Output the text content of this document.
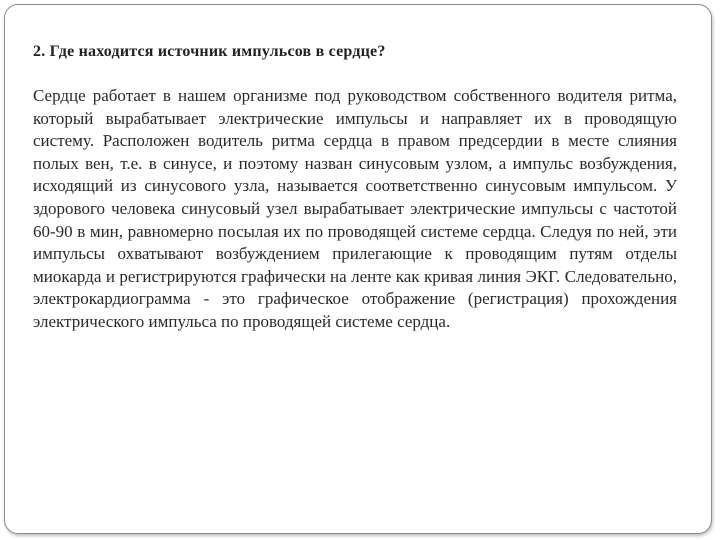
2. Где находится источник импульсов в сердце?

Сердце работает в нашем организме под руководством собственного водителя ритма, который вырабатывает электрические импульсы и направляет их в проводящую систему. Расположен водитель ритма сердца в правом предсердии в месте слияния полых вен, т.е. в синусе, и поэтому назван синусовым узлом, а импульс возбуждения, исходящий из синусового узла, называется соответственно синусовым импульсом. У здорового человека синусовый узел вырабатывает электрические импульсы с частотой 60-90 в мин, равномерно посылая их по проводящей системе сердца. Следуя по ней, эти импульсы охватывают возбуждением прилегающие к проводящим путям отделы миокарда и регистрируются графически на ленте как кривая линия ЭКГ. Следовательно, электрокардиограмма - это графическое отображение (регистрация) прохождения электрического импульса по проводящей системе сердца.
